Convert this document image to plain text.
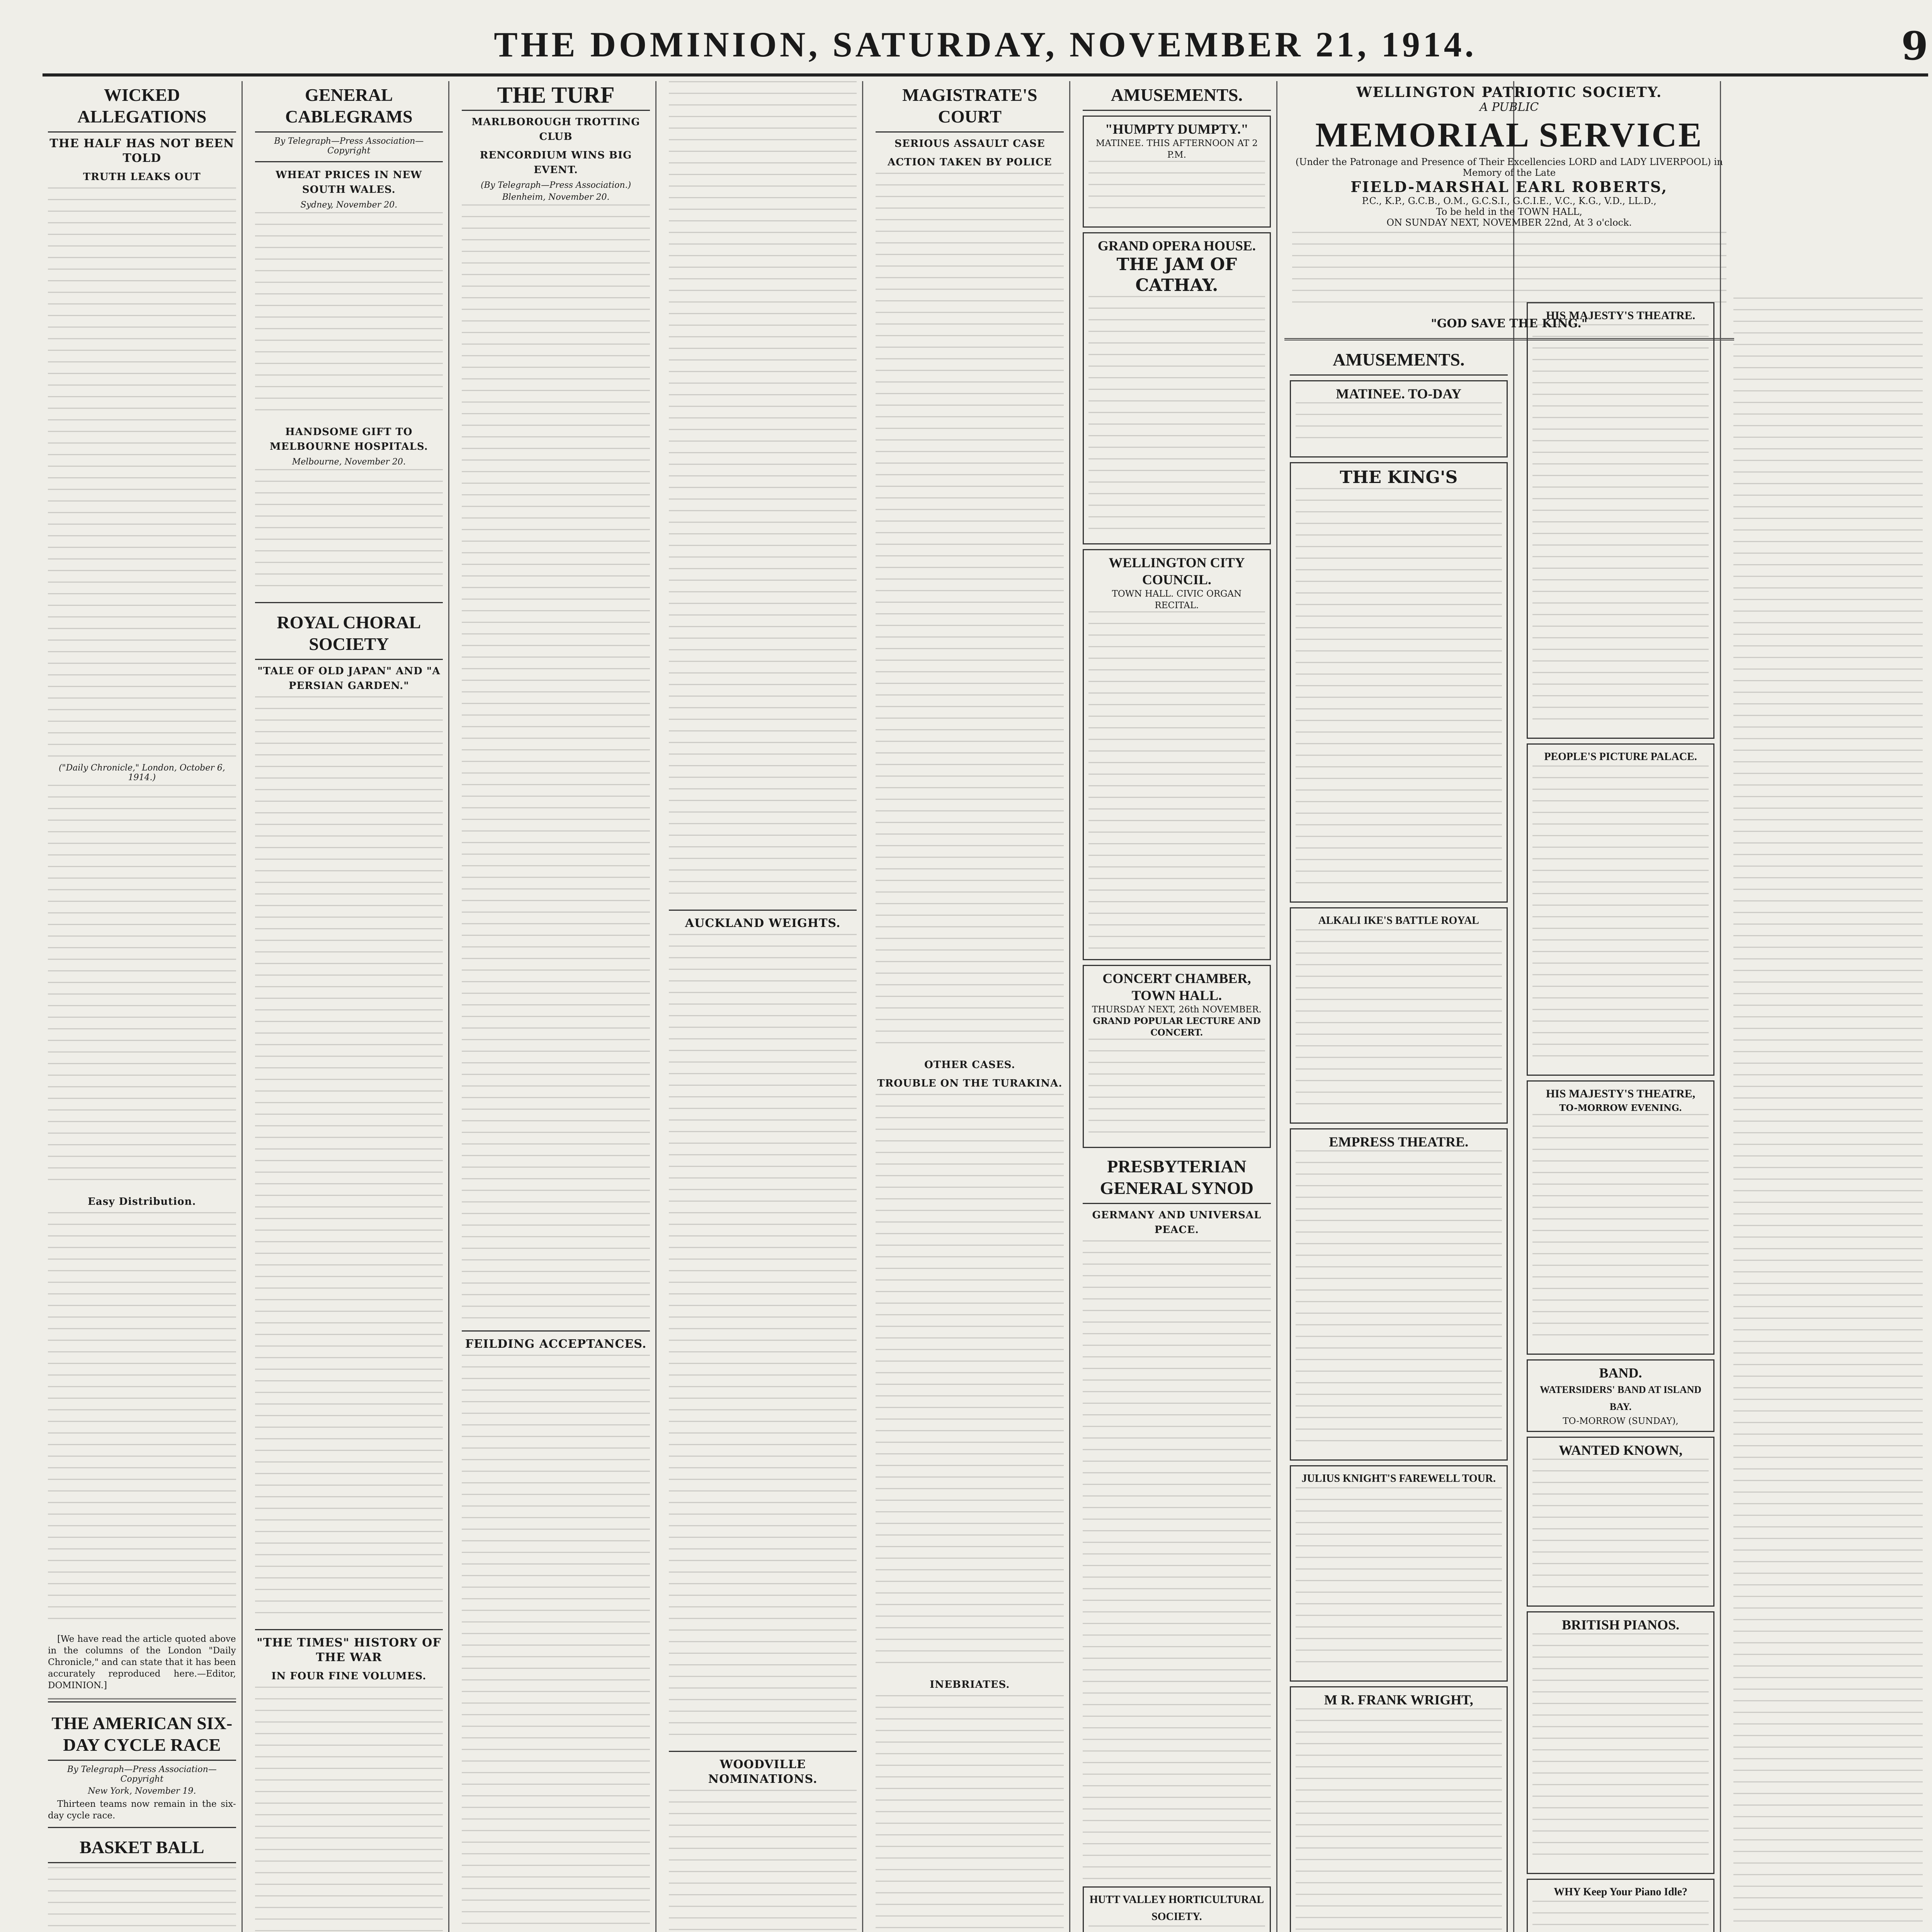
THE DOMINION, SATURDAY, NOVEMBER 21, 1914.	9
WICKED ALLEGATIONS
THE HALF HAS NOT BEEN TOLD
TRUTH LEAKS OUT
("Daily Chronicle," London, October 6, 1914.)
Easy Distribution.
[We have read the article quoted above in the columns of the London "Daily Chronicle," and can state that it has been accurately reproduced here.—Editor, DOMINION.]
THE AMERICAN SIX-DAY CYCLE RACE
By Telegraph—Press Association—Copyright
New York, November 19.
Thirteen teams now remain in the six-day cycle race.
BASKET BALL
GENERAL CABLEGRAMS
By Telegraph—Press Association—Copyright
WHEAT PRICES IN NEW SOUTH WALES.
Sydney, November 20.
HANDSOME GIFT TO MELBOURNE HOSPITALS.
Melbourne, November 20.
ROYAL CHORAL SOCIETY
"TALE OF OLD JAPAN" AND "A PERSIAN GARDEN."
"THE TIMES" HISTORY OF THE WAR
IN FOUR FINE VOLUMES.
THE TURF
MARLBOROUGH TROTTING CLUB
RENCORDIUM WINS BIG EVENT.
(By Telegraph—Press Association.)
Blenheim, November 20.
FEILDING ACCEPTANCES.
AUCKLAND WEIGHTS.
WOODVILLE NOMINATIONS.
MAGISTRATE'S COURT
SERIOUS ASSAULT CASE
ACTION TAKEN BY POLICE
OTHER CASES.
TROUBLE ON THE TURAKINA.
INEBRIATES.
AMUSEMENTS.
"HUMPTY DUMPTY."
MATINEE. THIS AFTERNOON AT 2 P.M.
GRAND OPERA HOUSE.
THE JAM OF CATHAY.
WELLINGTON CITY COUNCIL.
TOWN HALL. CIVIC ORGAN RECITAL.
CONCERT CHAMBER, TOWN HALL.
THURSDAY NEXT, 26th NOVEMBER.
GRAND POPULAR LECTURE AND CONCERT.
PRESBYTERIAN GENERAL SYNOD
GERMANY AND UNIVERSAL PEACE.
HUTT VALLEY HORTICULTURAL SOCIETY.
WELLINGTON PATRIOTIC SOCIETY.
A PUBLIC
MEMORIAL SERVICE
(Under the Patronage and Presence of Their Excellencies LORD and LADY LIVERPOOL) in Memory of the Late
FIELD-MARSHAL EARL ROBERTS,
P.C., K.P., G.C.B., O.M., G.C.S.I., G.C.I.E., V.C., K.G., V.D., LL.D.,
To be held in the TOWN HALL,
ON SUNDAY NEXT, NOVEMBER 22nd, At 3 o'clock.
"GOD SAVE THE KING."
AMUSEMENTS.
MATINEE. TO-DAY
THE KING'S
ALKALI IKE'S BATTLE ROYAL
EMPRESS THEATRE.
JULIUS KNIGHT'S FAREWELL TOUR.
M R. FRANK WRIGHT,
HIS MAJESTY'S THEATRE.
PEOPLE'S PICTURE PALACE.
HIS MAJESTY'S THEATRE,
TO-MORROW EVENING.
BAND.
WATERSIDERS' BAND AT ISLAND BAY.
TO-MORROW (SUNDAY),
WANTED KNOWN,
BRITISH PIANOS.
WHY Keep Your Piano Idle?
